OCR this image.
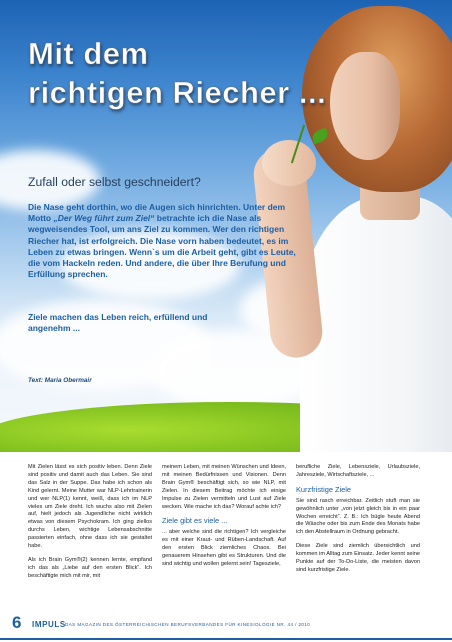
Mit dem
richtigen Riecher ...
Zufall oder selbst geschneidert?

Die Nase geht dorthin, wo die Augen sich hinrichten. Unter dem Motto „Der Weg führt zum Ziel“ betrachte ich die Nase als wegweisendes Tool, um ans Ziel zu kommen. Wer den richtigen Riecher hat, ist erfolgreich. Die Nase vorn haben bedeutet, es im Leben zu etwas bringen. Wenn`s um die Arbeit geht, gibt es Leute, die vom Hackeln reden. Und andere, die über Ihre Berufung und Erfüllung sprechen.

Ziele machen das Leben reich, erfüllend und angenehm ...

Text: Maria Obermair

Mit Zielen lässt es sich positiv leben. Denn Ziele sind positiv und damit auch das Leben. Sie sind das Salz in der Suppe. Das habe ich schon als Kind gelernt. Meine Mutter war NLP-Lehrtrainerin und wer NLP(1) kennt, weiß, dass ich im NLP vieles um Ziele dreht. Ich wuchs also mit Zielen auf, hielt jedoch als Jugendliche nicht wirklich etwas von diesem Psychokram. Ich ging ziellos durchs Leben, wichtige Lebensabschnitte passierten einfach, ohne dass ich sie gestaltet habe.

Als ich Brain Gym®(2) kennen lernte, empfand ich das als „Liebe auf den ersten Blick“. Ich beschäftigte mich mit mir, mit

meinem Leben, mit meinen Wünschen und Ideen, mit meinen Bedürfnissen und Visionen. Denn Brain Gym® beschäftigt sich, so wie NLP, mit Zielen. In diesem Beitrag möchte ich einige Impulse zu Zielen vermitteln und Lust auf Ziele wecken. Wie mache ich das? Worauf achte ich?

Ziele gibt es viele ...

... aber welche sind die richtigen? Ich vergleiche es mit einer Kraut- und Rüben-Landschaft. Auf den ersten Blick ziemliches Chaos. Bei genauerem Hinsehen gibt es Strukturen. Und die sind wichtig und wollen gelernt sein! Tagesziele,

berufliche Ziele, Lebensziele, Urlaubsziele, Jahresziele, Wirtschaftsziele, ...

Kurzfristige Ziele

Sie sind rasch erreichbar. Zeitlich stuft man sie gewöhnlich unter „von jetzt gleich bis in ein paar Wochen erreicht“. Z. B.: Ich bügle heute Abend die Wäsche oder bis zum Ende des Monats habe ich den Abstellraum in Ordnung gebracht.

Diese Ziele sind ziemlich übersichtlich und kommen im Alltag zum Einsatz. Jeder kennt seine Punkte auf der To-Do-Liste, die meisten davon sind kurzfristige Ziele.

6 IMPULS DAS MAGAZIN DES ÖSTERREICHISCHEN BERUFSVERBANDES FÜR KINESIOLOGIE NR. 44 / 2010
